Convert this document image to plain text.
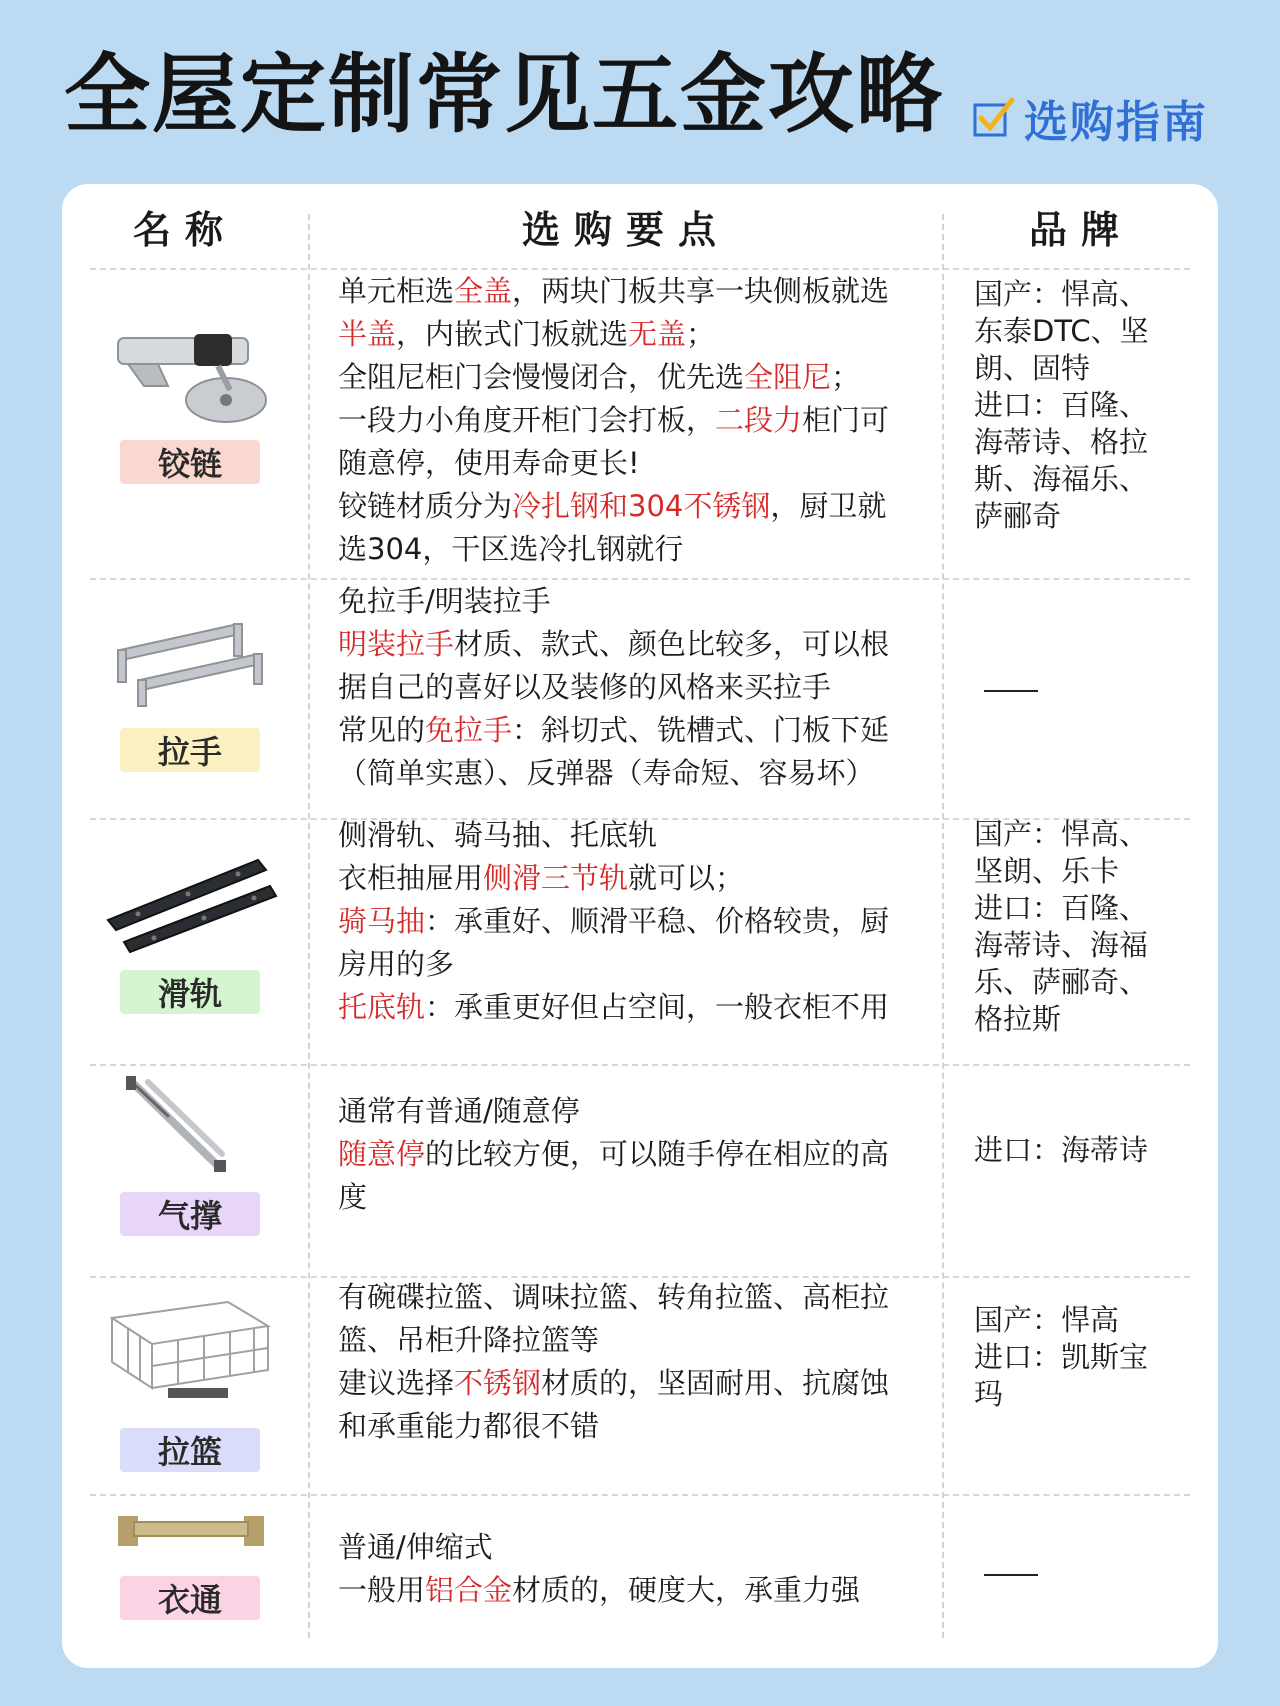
全屋定制常见五金攻略 选购指南
名称	选购要点	品牌
铰链

单元柜选全盖，两块门板共享一块侧板就选

半盖，内嵌式门板就选无盖；

全阻尼柜门会慢慢闭合，优先选全阻尼；

一段力小角度开柜门会打板，二段力柜门可

随意停，使用寿命更长!

铰链材质分为冷扎钢和304不锈钢，厨卫就

选304，干区选冷扎钢就行

国产：悍高、

东泰DTC、坚

朗、固特

进口：百隆、

海蒂诗、格拉

斯、海福乐、

萨郦奇

拉手

免拉手/明装拉手

明装拉手材质、款式、颜色比较多，可以根

据自己的喜好以及装修的风格来买拉手

常见的免拉手：斜切式、铣槽式、门板下延

（简单实惠）、反弹器（寿命短、容易坏）

滑轨

侧滑轨、骑马抽、托底轨

衣柜抽屉用侧滑三节轨就可以；

骑马抽：承重好、顺滑平稳、价格较贵，厨

房用的多

托底轨：承重更好但占空间，一般衣柜不用

国产：悍高、

坚朗、乐卡

进口：百隆、

海蒂诗、海福

乐、萨郦奇、

格拉斯

气撑

通常有普通/随意停

随意停的比较方便，可以随手停在相应的高

度

进口：海蒂诗

拉篮

有碗碟拉篮、调味拉篮、转角拉篮、高柜拉

篮、吊柜升降拉篮等

建议选择不锈钢材质的，坚固耐用、抗腐蚀

和承重能力都很不错

国产：悍高

进口：凯斯宝

玛

衣通

普通/伸缩式

一般用铝合金材质的，硬度大，承重力强
